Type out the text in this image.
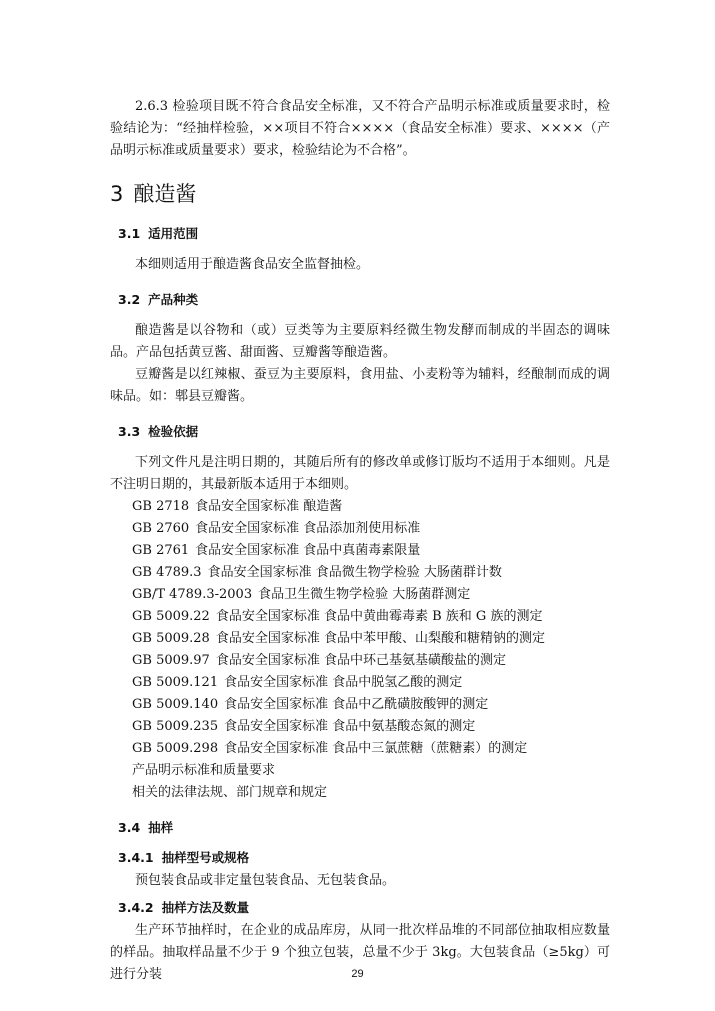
2.6.3 检验项目既不符合食品安全标准，又不符合产品明示标准或质量要求时，检验结论为：“经抽样检验，××项目不符合××××（食品安全标准）要求、××××（产品明示标准或质量要求）要求，检验结论为不合格”。

3 酿造酱
3.1 适用范围

本细则适用于酿造酱食品安全监督抽检。

3.2 产品种类

酿造酱是以谷物和（或）豆类等为主要原料经微生物发酵而制成的半固态的调味品。产品包括黄豆酱、甜面酱、豆瓣酱等酿造酱。

豆瓣酱是以红辣椒、蚕豆为主要原料，食用盐、小麦粉等为辅料，经酿制而成的调味品。如：郫县豆瓣酱。

3.3 检验依据

下列文件凡是注明日期的，其随后所有的修改单或修订版均不适用于本细则。凡是不注明日期的，其最新版本适用于本细则。

GB 2718 食品安全国家标准 酿造酱
GB 2760 食品安全国家标准 食品添加剂使用标准
GB 2761 食品安全国家标准 食品中真菌毒素限量
GB 4789.3 食品安全国家标准 食品微生物学检验 大肠菌群计数
GB/T 4789.3-2003 食品卫生微生物学检验 大肠菌群测定
GB 5009.22 食品安全国家标准 食品中黄曲霉毒素 B 族和 G 族的测定
GB 5009.28 食品安全国家标准 食品中苯甲酸、山梨酸和糖精钠的测定
GB 5009.97 食品安全国家标准 食品中环己基氨基磺酸盐的测定
GB 5009.121 食品安全国家标准 食品中脱氢乙酸的测定
GB 5009.140 食品安全国家标准 食品中乙酰磺胺酸钾的测定
GB 5009.235 食品安全国家标准 食品中氨基酸态氮的测定
GB 5009.298 食品安全国家标准 食品中三氯蔗糖（蔗糖素）的测定
产品明示标准和质量要求
相关的法律法规、部门规章和规定
3.4 抽样
3.4.1 抽样型号或规格

预包装食品或非定量包装食品、无包装食品。

3.4.2 抽样方法及数量

生产环节抽样时，在企业的成品库房，从同一批次样品堆的不同部位抽取相应数量的样品。抽取样品量不少于 9 个独立包装，总量不少于 3kg。大包装食品（≥5kg）可进行分装	29
